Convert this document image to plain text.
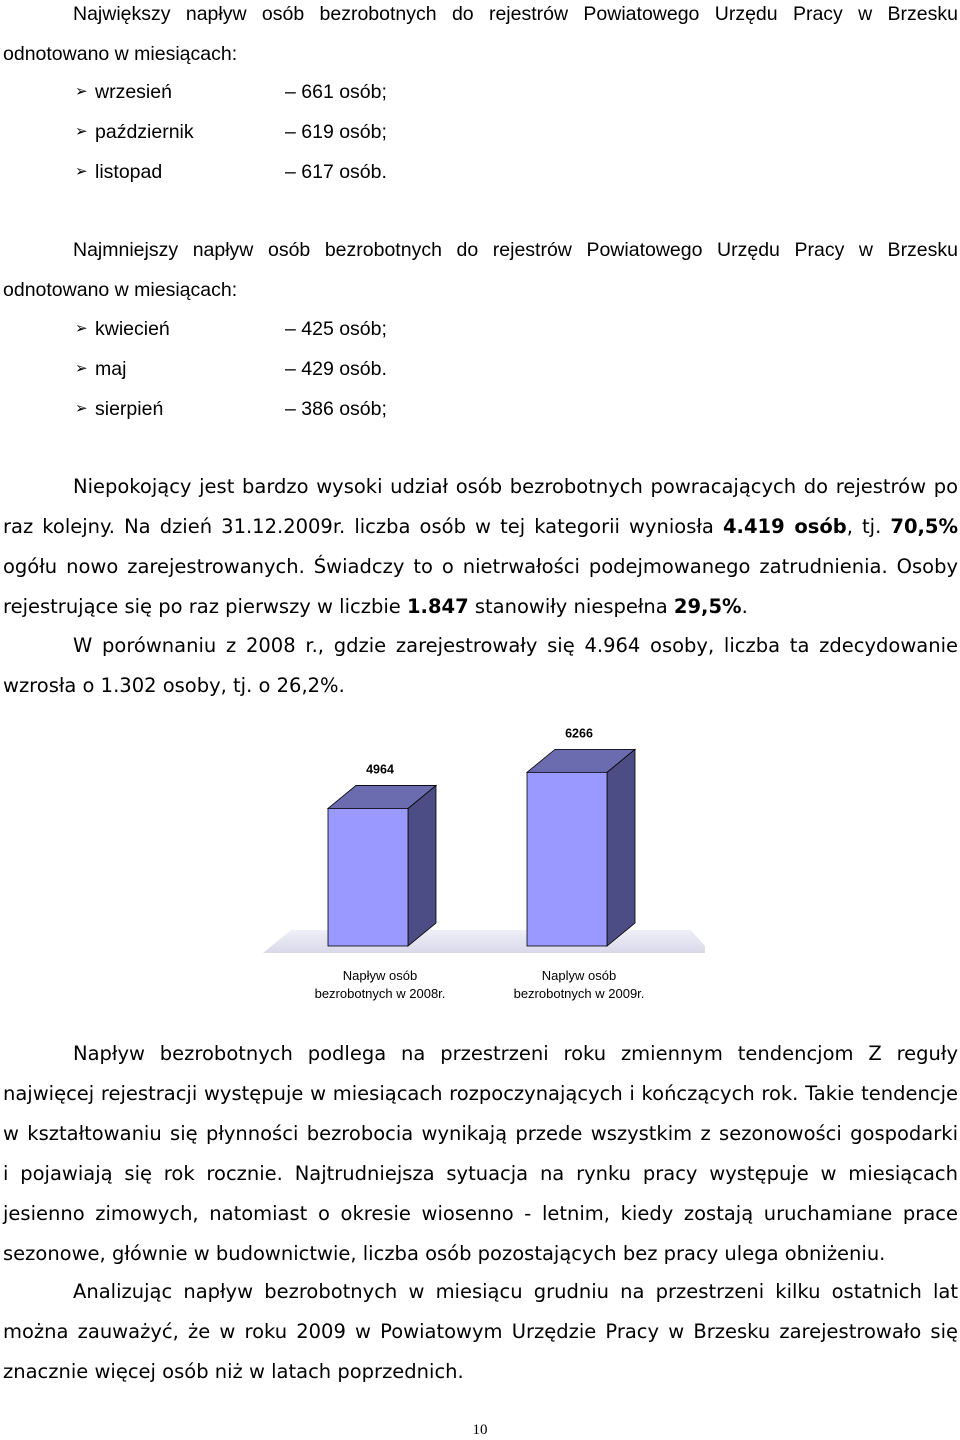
Największy napływ osób bezrobotnych do rejestrów Powiatowego Urzędu Pracy w Brzesku
odnotowano w miesiącach:
➢ wrzesień	– 661 osób;
➢ październik	– 619 osób;
➢ listopad	– 617 osób.
Najmniejszy napływ osób bezrobotnych do rejestrów Powiatowego Urzędu Pracy w Brzesku
odnotowano w miesiącach:
➢ kwiecień	– 425 osób;
➢ maj	– 429 osób.
➢ sierpień	– 386 osób;
Niepokojący jest bardzo wysoki udział osób bezrobotnych powracających do rejestrów po
raz kolejny. Na dzień 31.12.2009r. liczba osób w tej kategorii wyniosła 4.419 osób, tj. 70,5%
ogółu nowo zarejestrowanych. Świadczy to o nietrwałości podejmowanego zatrudnienia. Osoby
rejestrujące się po raz pierwszy w liczbie 1.847 stanowiły niespełna 29,5%.
W porównaniu z 2008 r., gdzie zarejestrowały się 4.964 osoby, liczba ta zdecydowanie
wzrosła o 1.302 osoby, tj. o 26,2%.
4964
Napływ osób
bezrobotnych w 2008r.
6266
Naplyw osób
bezrobotnych w 2009r.
Napływ bezrobotnych podlega na przestrzeni roku zmiennym tendencjom Z reguły
najwięcej rejestracji występuje w miesiącach rozpoczynających i kończących rok. Takie tendencje
w kształtowaniu się płynności bezrobocia wynikają przede wszystkim z sezonowości gospodarki
i pojawiają się rok rocznie. Najtrudniejsza sytuacja na rynku pracy występuje w miesiącach
jesienno zimowych, natomiast o okresie wiosenno - letnim, kiedy zostają uruchamiane prace
sezonowe, głównie w budownictwie, liczba osób pozostających bez pracy ulega obniżeniu.
Analizując napływ bezrobotnych w miesiącu grudniu na przestrzeni kilku ostatnich lat
można zauważyć, że w roku 2009 w Powiatowym Urzędzie Pracy w Brzesku zarejestrowało się
znacznie więcej osób niż w latach poprzednich.
10
